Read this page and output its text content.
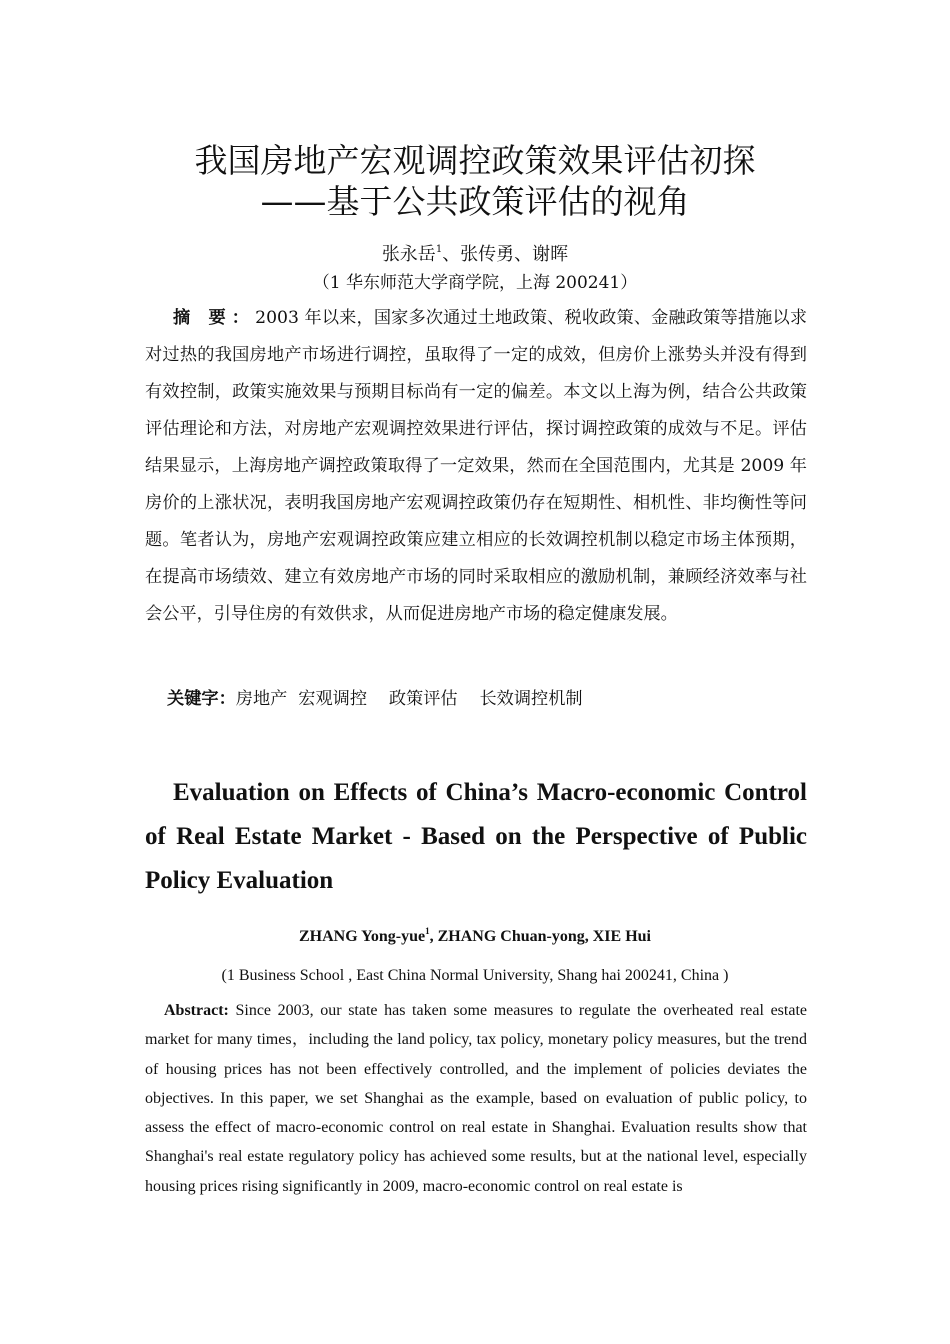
我国房地产宏观调控政策效果评估初探
——基于公共政策评估的视角
张永岳$^1$、张传勇、谢晖
（1 华东师范大学商学院，上海 200241）

摘 要：2003 年以来，国家多次通过土地政策、税收政策、金融政策等措施以求对过热的我国房地产市场进行调控，虽取得了一定的成效，但房价上涨势头并没有得到有效控制，政策实施效果与预期目标尚有一定的偏差。本文以上海为例，结合公共政策评估理论和方法，对房地产宏观调控效果进行评估，探讨调控政策的成效与不足。评估结果显示，上海房地产调控政策取得了一定效果，然而在全国范围内，尤其是 2009 年房价的上涨状况，表明我国房地产宏观调控政策仍存在短期性、相机性、非均衡性等问题。笔者认为，房地产宏观调控政策应建立相应的长效调控机制以稳定市场主体预期，在提高市场绩效、建立有效房地产市场的同时采取相应的激励机制，兼顾经济效率与社会公平，引导住房的有效供求，从而促进房地产市场的稳定健康发展。

关键字：房地产  宏观调控    政策评估    长效调控机制
Evaluation on Effects of China’s Macro-economic Control of Real Estate Market - Based on the Perspective of Public Policy Evaluation
ZHANG Yong-yue$^1$, ZHANG Chuan-yong, XIE Hui
(1 Business School , East China Normal University, Shang hai 200241, China )

Abstract: Since 2003, our state has taken some measures to regulate the overheated real estate market for many times，including the land policy, tax policy, monetary policy measures, but the trend of housing prices has not been effectively controlled, and the implement of policies deviates the objectives. In this paper, we set Shanghai as the example, based on evaluation of public policy, to assess the effect of macro-economic control on real estate in Shanghai. Evaluation results show that Shanghai's real estate regulatory policy has achieved some results, but at the national level, especially housing prices rising significantly in 2009, macro-economic control on real estate is
